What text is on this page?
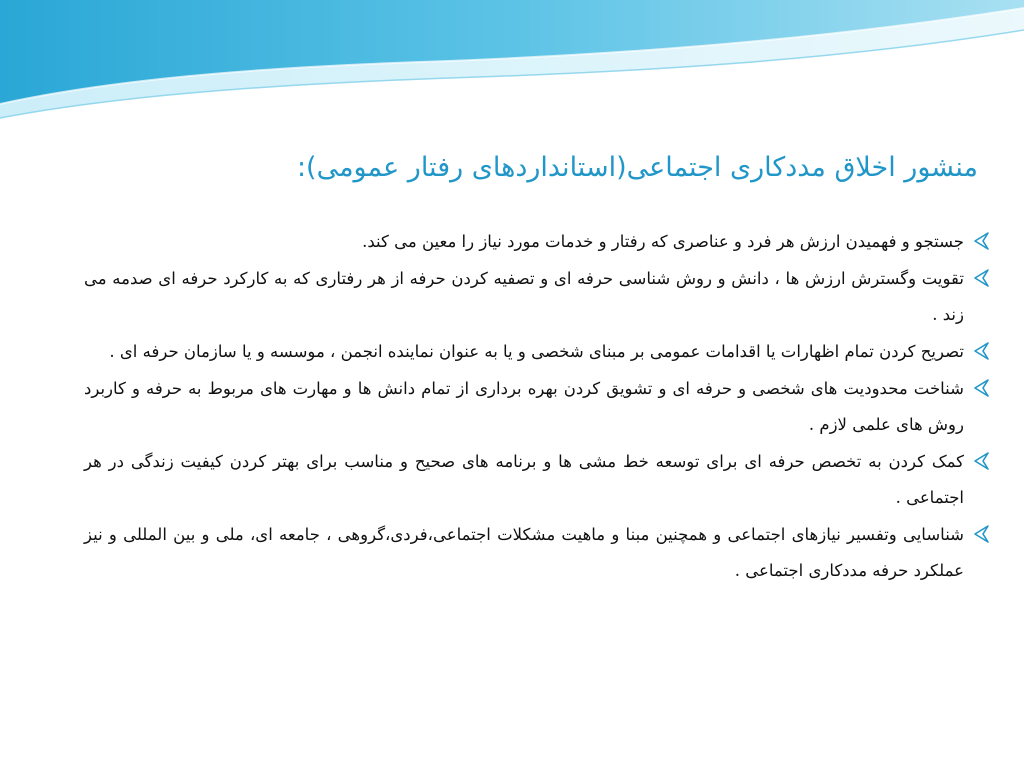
منشور اخلاق مددکاری اجتماعی(استانداردهای رفتار عمومی):
جستجو و فهمیدن ارزش هر فرد و عناصری که رفتار و خدمات مورد نیاز را معین می کند.
تقویت وگسترش ارزش ها ، دانش و روش شناسی حرفه ای و تصفیه کردن حرفه از هر رفتاری که به کارکرد حرفه ای صدمه می زند .
تصریح کردن تمام اظهارات یا اقدامات عمومی بر مبنای شخصی و یا به عنوان نماینده انجمن ، موسسه و یا سازمان حرفه ای .
شناخت محدودیت های شخصی و حرفه ای و تشویق کردن بهره برداری از تمام دانش ها و مهارت های مربوط به حرفه و کاربرد روش های علمی لازم .
کمک کردن به تخصص حرفه ای برای توسعه خط مشی ها و برنامه های صحیح و مناسب برای بهتر کردن کیفیت زندگی در هر اجتماعی .
شناسایی وتفسیر نیازهای اجتماعی و همچنین مبنا و ماهیت مشکلات اجتماعی،فردی،گروهی ، جامعه ای، ملی و بین المللی و نیز عملکرد حرفه مددکاری اجتماعی .
